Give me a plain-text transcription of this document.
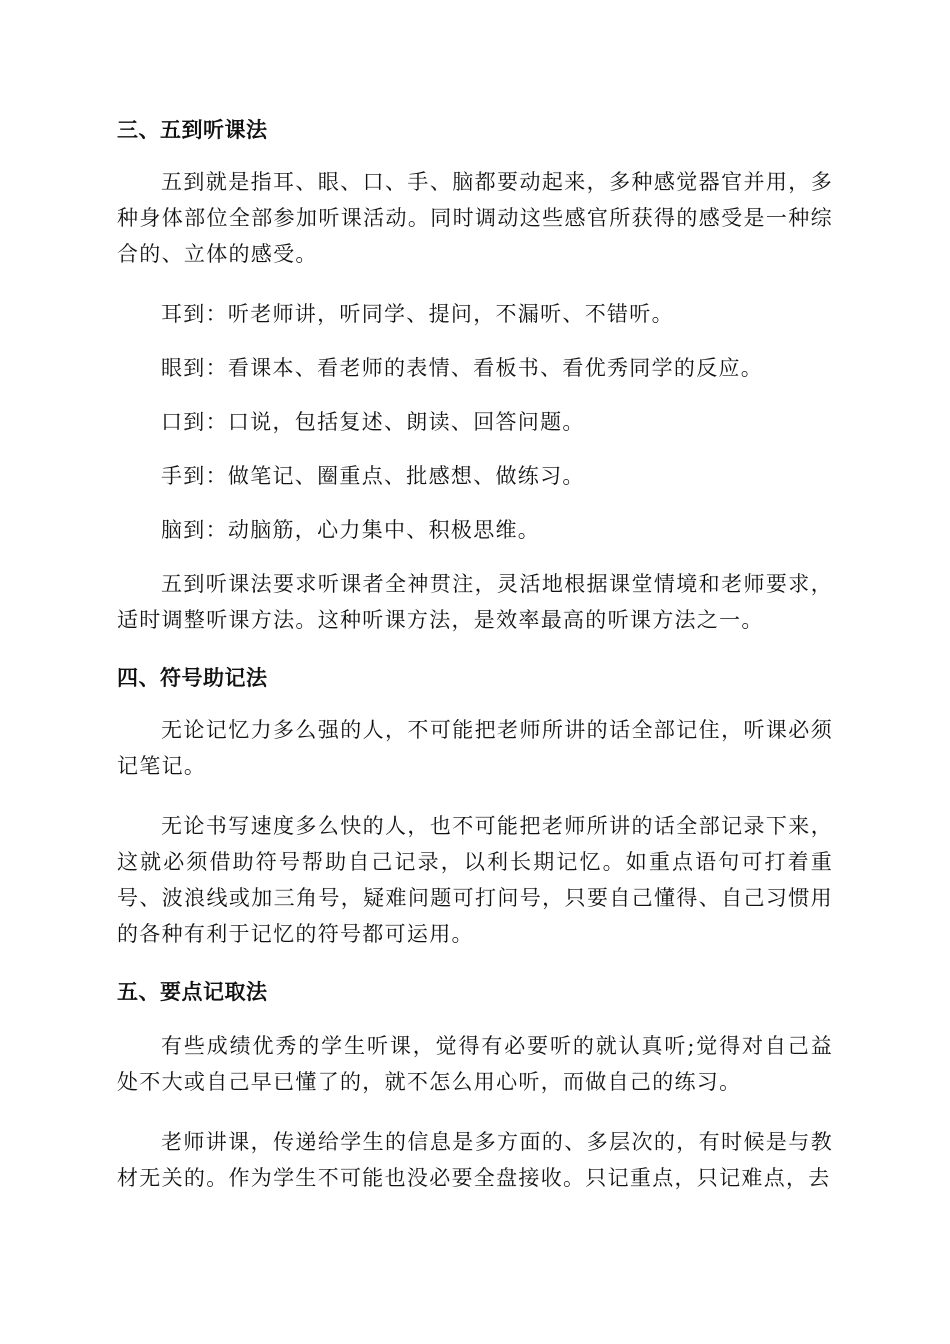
三、五到听课法

五到就是指耳、眼、口、手、脑都要动起来，多种感觉器官并用，多种身体部位全部参加听课活动。同时调动这些感官所获得的感受是一种综合的、立体的感受。

耳到：听老师讲，听同学、提问，不漏听、不错听。

眼到：看课本、看老师的表情、看板书、看优秀同学的反应。

口到：口说，包括复述、朗读、回答问题。

手到：做笔记、圈重点、批感想、做练习。

脑到：动脑筋，心力集中、积极思维。

五到听课法要求听课者全神贯注，灵活地根据课堂情境和老师要求，适时调整听课方法。这种听课方法，是效率最高的听课方法之一。

四、符号助记法

无论记忆力多么强的人，不可能把老师所讲的话全部记住，听课必须记笔记。

无论书写速度多么快的人，也不可能把老师所讲的话全部记录下来，这就必须借助符号帮助自己记录，以利长期记忆。如重点语句可打着重号、波浪线或加三角号，疑难问题可打问号，只要自己懂得、自己习惯用的各种有利于记忆的符号都可运用。

五、要点记取法

有些成绩优秀的学生听课，觉得有必要听的就认真听;觉得对自己益处不大或自己早已懂了的，就不怎么用心听，而做自己的练习。

老师讲课，传递给学生的信息是多方面的、多层次的，有时候是与教材无关的。作为学生不可能也没必要全盘接收。只记重点，只记难点，去
